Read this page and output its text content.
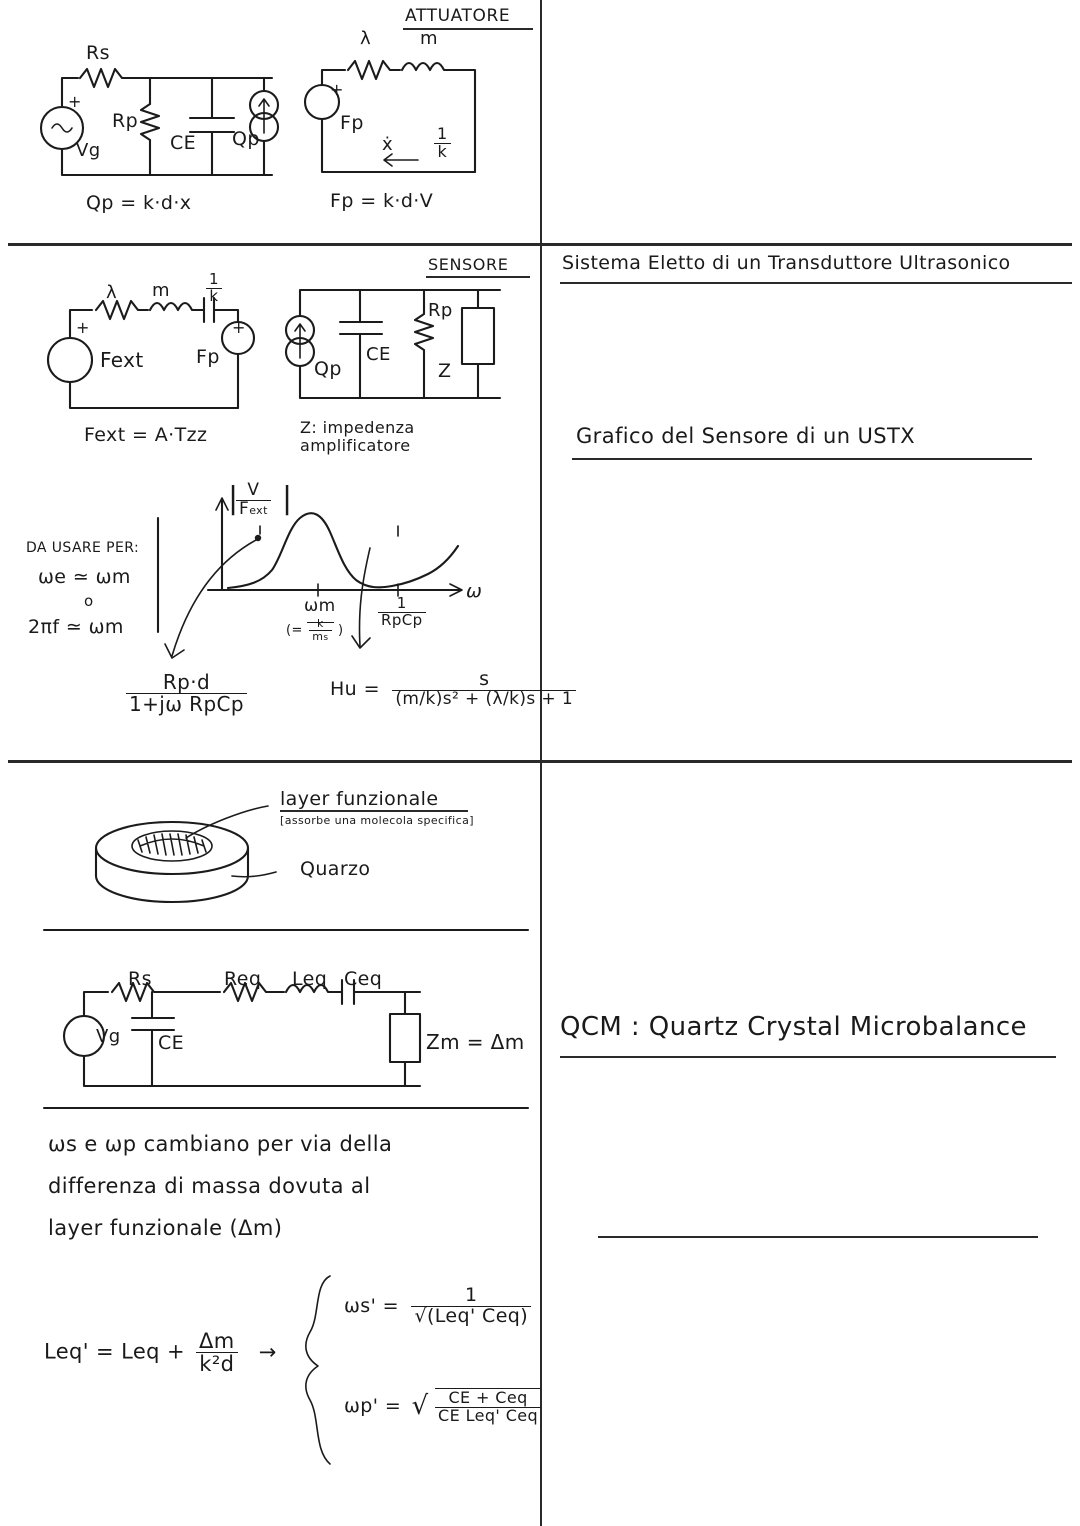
ATTUATORE
Vg
+
Rs
Rp
CE Qp
+
Fp
λ	m
ẋ	$\frac{1}{k}$
Qp = k·d·x	Fp = k·d·V
SENSORE
λ m $\frac{1}{k}$
+
Fext
+
Fp
Qp
CE
Rp
Z
Fext = A·Tzz	Z: impedenza
amplificatore
$\frac{V}{\text{Fext}}$
| |
ω
ωm
(= $\frac{k}{ms}$ )
$\frac{1}{\text{RpCp}}$
DA USARE PER:
ωe ≃ ωm
o
2πf ≃ ωm
$\frac{Rp\cdot d}{\text{1+jω RpCp}}$	$Hu = \frac{s}{\text{(m/k)s² + (λ/k)s + 1}}$
layer funzionale
[assorbe una molecola specifica]
Quarzo
Vg
Rs
CE
Req Leq Ceq
Zm = Δm
ωs e ωp cambiano per via della
differenza di massa dovuta al
layer funzionale (Δm)
Leq' = Leq + $\frac{\Delta m}{\text{k²d}}$ →
$\omega s' = \frac{1}{\text{√(Leq' Ceq)}}$
ωp' = √ $\frac{\text{CE + Ceq}}{\text{CE Leq' Ceq}}$
Sistema Eletto di un Transduttore Ultrasonico
Grafico del Sensore di un USTX
QCM : Quartz Crystal Microbalance
